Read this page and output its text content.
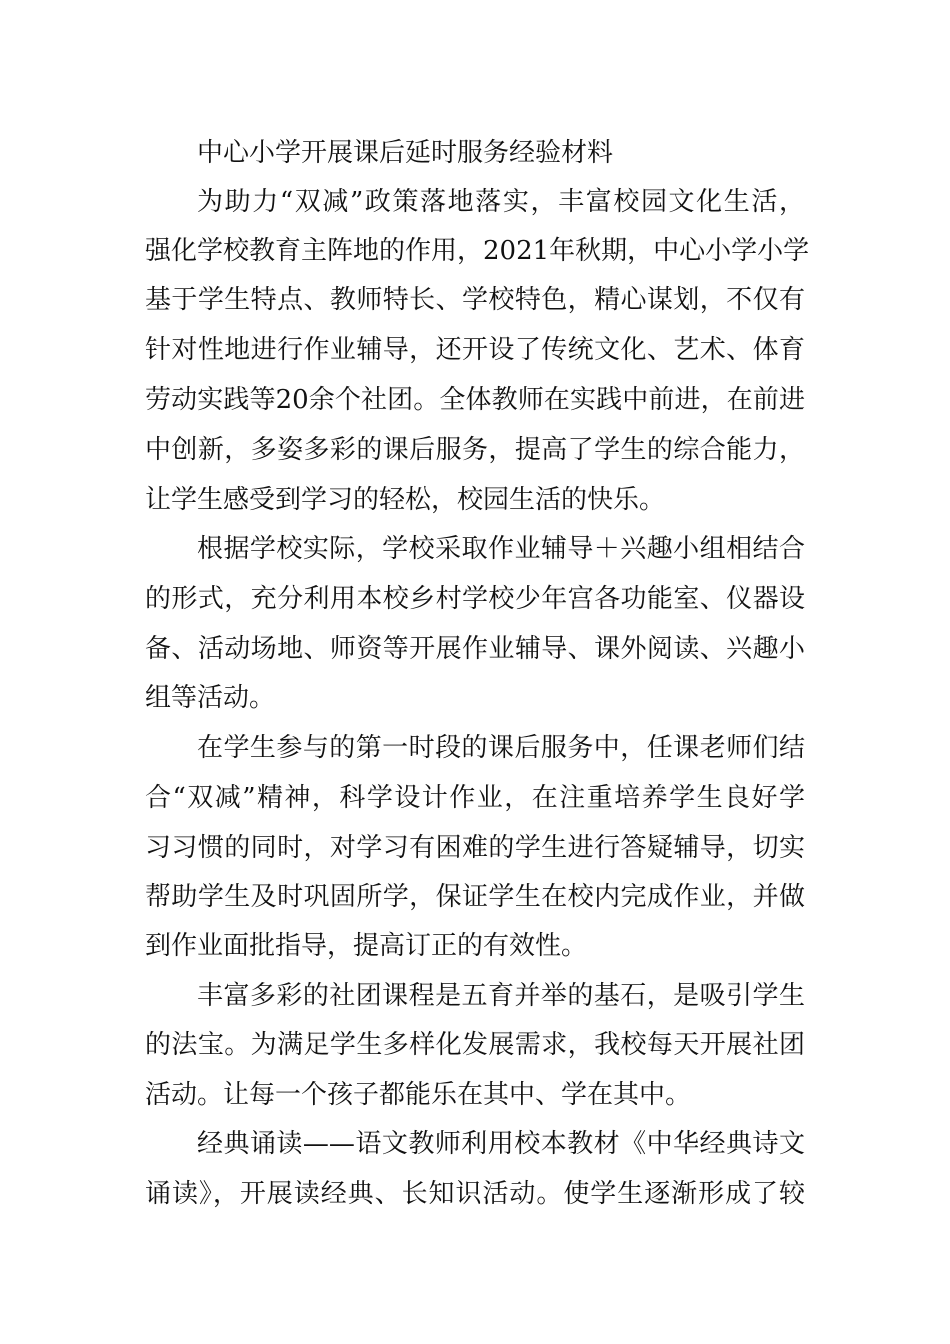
中心小学开展课后延时服务经验材料
为助力“双减”政策落地落实，丰富校园文化生活，
强化学校教育主阵地的作用，2021年秋期，中心小学小学
基于学生特点、教师特长、学校特色，精心谋划，不仅有
针对性地进行作业辅导，还开设了传统文化、艺术、体育
劳动实践等20余个社团。全体教师在实践中前进，在前进
中创新，多姿多彩的课后服务，提高了学生的综合能力，
让学生感受到学习的轻松，校园生活的快乐。
根据学校实际，学校采取作业辅导＋兴趣小组相结合
的形式，充分利用本校乡村学校少年宫各功能室、仪器设
备、活动场地、师资等开展作业辅导、课外阅读、兴趣小
组等活动。
在学生参与的第一时段的课后服务中，任课老师们结
合“双减”精神，科学设计作业，在注重培养学生良好学
习习惯的同时，对学习有困难的学生进行答疑辅导，切实
帮助学生及时巩固所学，保证学生在校内完成作业，并做
到作业面批指导，提高订正的有效性。
丰富多彩的社团课程是五育并举的基石，是吸引学生
的法宝。为满足学生多样化发展需求，我校每天开展社团
活动。让每一个孩子都能乐在其中、学在其中。
经典诵读——语文教师利用校本教材《中华经典诗文
诵读》，开展读经典、长知识活动。使学生逐渐形成了较
